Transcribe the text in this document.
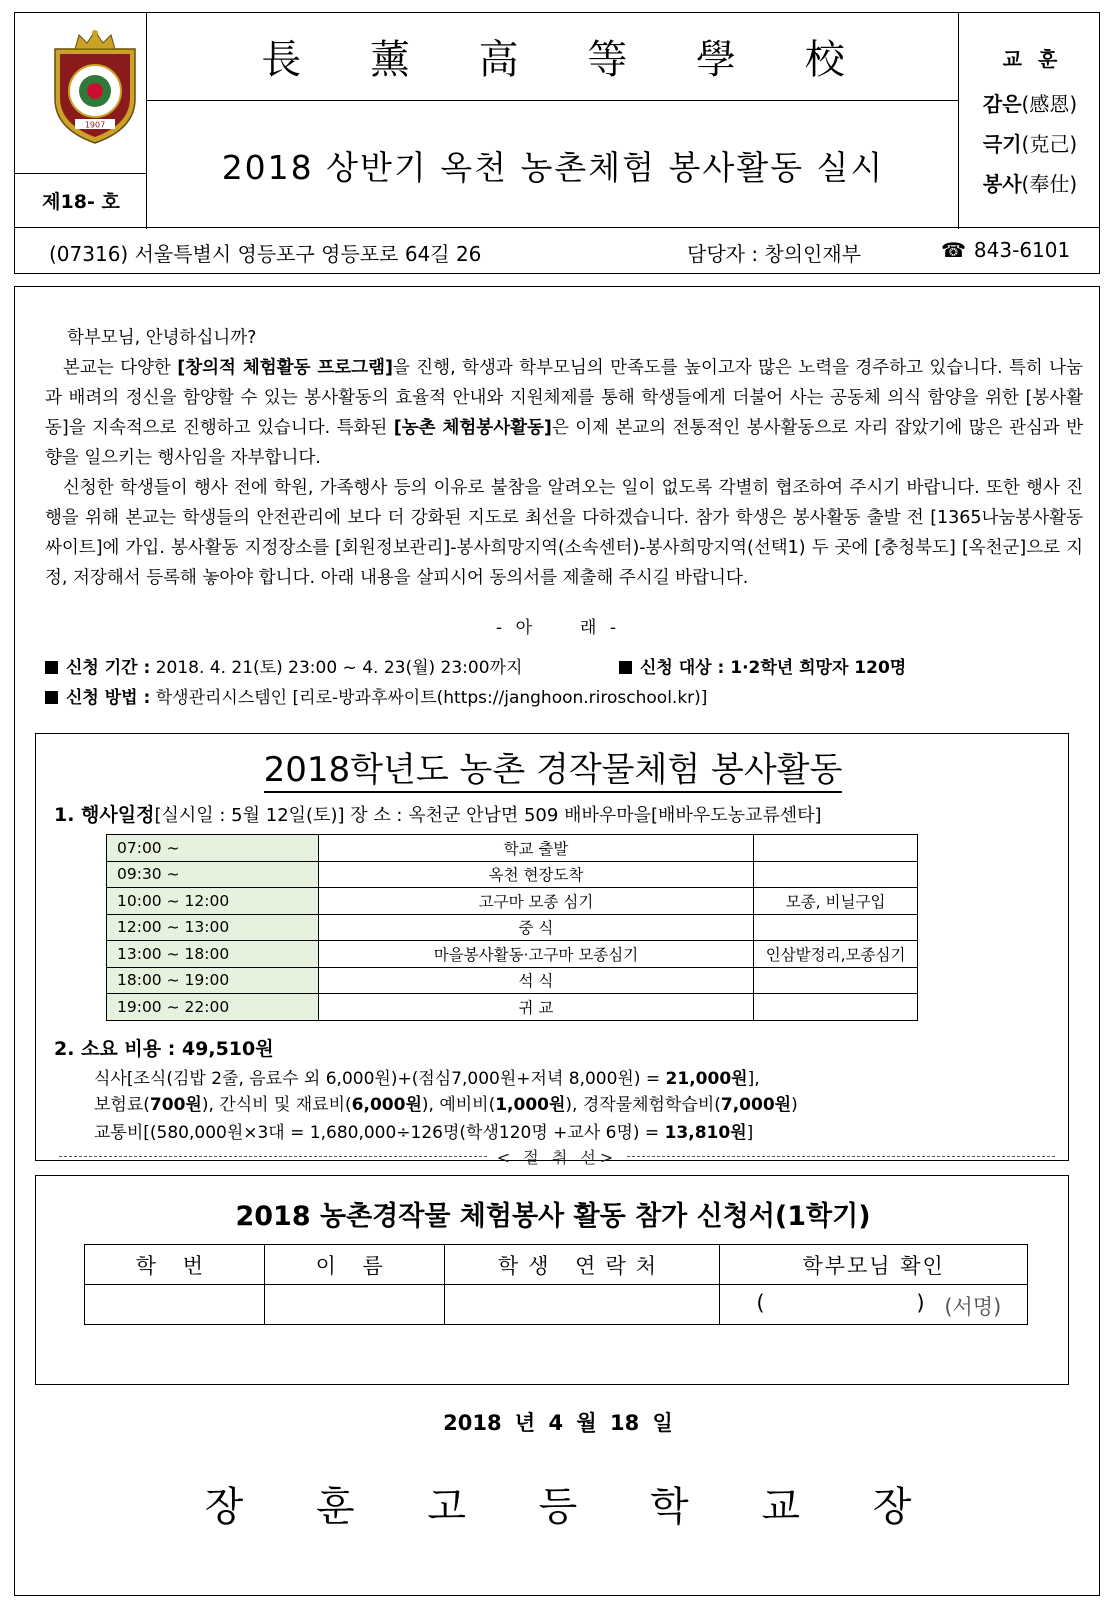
1907
제18- 호
長 薰 高 等 學 校
2018 상반기 옥천 농촌체험 봉사활동 실시
교훈
감은(感恩)
극기(克己)
봉사(奉仕)
(07316) 서울특별시 영등포구 영등포로 64길 26	담당자 : 창의인재부	☎ 843-6101

학부모님, 안녕하십니까?

본교는 다양한 [창의적 체험활동 프로그램]을 진행, 학생과 학부모님의 만족도를 높이고자 많은 노력을 경주하고 있습니다. 특히 나눔과 배려의 정신을 함양할 수 있는 봉사활동의 효율적 안내와 지원체제를 통해 학생들에게 더불어 사는 공동체 의식 함양을 위한 [봉사활동]을 지속적으로 진행하고 있습니다. 특화된 [농촌 체험봉사활동]은 이제 본교의 전통적인 봉사활동으로 자리 잡았기에 많은 관심과 반향을 일으키는 행사임을 자부합니다.

신청한 학생들이 행사 전에 학원, 가족행사 등의 이유로 불참을 알려오는 일이 없도록 각별히 협조하여 주시기 바랍니다. 또한 행사 진행을 위해 본교는 학생들의 안전관리에 보다 더 강화된 지도로 최선을 다하겠습니다. 참가 학생은 봉사활동 출발 전 [1365나눔봉사활동 싸이트]에 가입. 봉사활동 지정장소를 [회원정보관리]-봉사희망지역(소속센터)-봉사희망지역(선택1) 두 곳에 [충청북도] [옥천군]으로 지정, 저장해서 등록해 놓아야 합니다. 아래 내용을 살피시어 동의서를 제출해 주시길 바랍니다.

- 아	래 -
신청 기간 : 2018. 4. 21(토) 23:00 ~ 4. 23(월) 23:00까지	신청 대상 : 1·2학년 희망자 120명
신청 방법 : 학생관리시스템인 [리로-방과후싸이트(https://janghoon.riroschool.kr)]
2018학년도 농촌 경작물체험 봉사활동
1. 행사일정[실시일 : 5월 12일(토)] 장 소 : 옥천군 안남면 509 배바우마을[배바우도농교류센타]
07:00 ~	학교 출발	
09:30 ~	옥천 현장도착	
10:00 ~ 12:00	고구마 모종 심기	모종, 비닐구입
12:00 ~ 13:00	중 식	
13:00 ~ 18:00	마을봉사활동·고구마 모종심기	인삼밭정리,모종심기
18:00 ~ 19:00	석 식	
19:00 ~ 22:00	귀 교	
2. 소요 비용 : 49,510원
식사[조식(김밥 2줄, 음료수 외 6,000원)+(점심7,000원+저녁 8,000원) = 21,000원],
보험료(700원), 간식비 및 재료비(6,000원), 예비비(1,000원), 경작물체험학습비(7,000원)
교통비[(580,000원×3대 = 1,680,000÷126명(학생120명 +교사 6명) = 13,810원]
< 절 취 선>
2018 농촌경작물 체험봉사 활동 참가 신청서(1학기)
학 번	이 름	학생 연락처	학부모님 확인

			( ) (서명)
2018 년 4 월 18 일
장 훈 고 등 학 교 장
